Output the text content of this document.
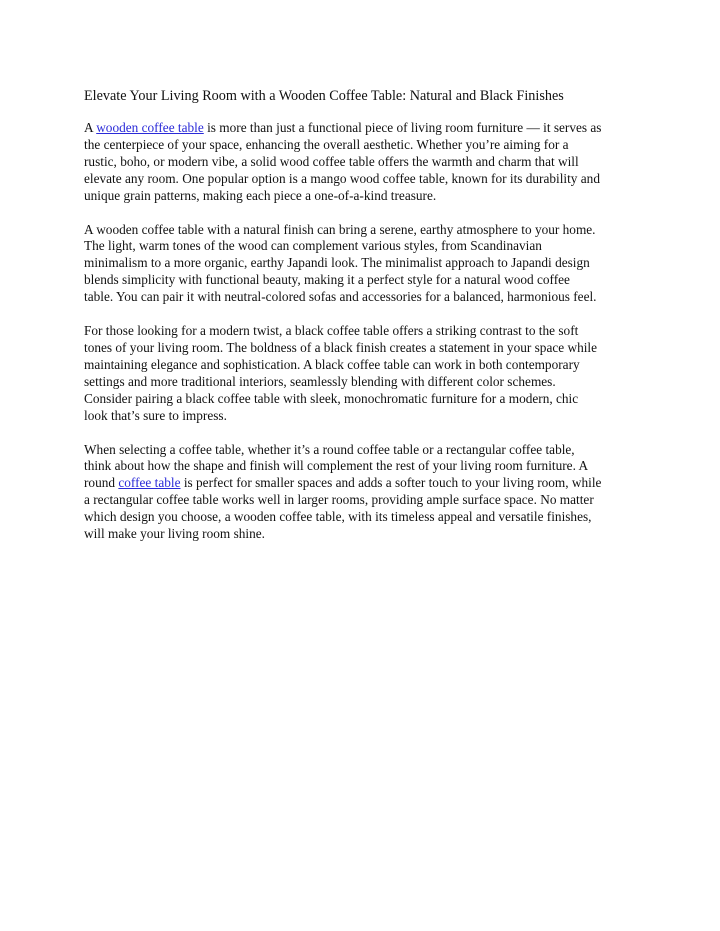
Elevate Your Living Room with a Wooden Coffee Table: Natural and Black Finishes

A wooden coffee table is more than just a functional piece of living room furniture — it serves as
the centerpiece of your space, enhancing the overall aesthetic. Whether you’re aiming for a
rustic, boho, or modern vibe, a solid wood coffee table offers the warmth and charm that will
elevate any room. One popular option is a mango wood coffee table, known for its durability and
unique grain patterns, making each piece a one-of-a-kind treasure.

A wooden coffee table with a natural finish can bring a serene, earthy atmosphere to your home.
The light, warm tones of the wood can complement various styles, from Scandinavian
minimalism to a more organic, earthy Japandi look. The minimalist approach to Japandi design
blends simplicity with functional beauty, making it a perfect style for a natural wood coffee
table. You can pair it with neutral-colored sofas and accessories for a balanced, harmonious feel.

For those looking for a modern twist, a black coffee table offers a striking contrast to the soft
tones of your living room. The boldness of a black finish creates a statement in your space while
maintaining elegance and sophistication. A black coffee table can work in both contemporary
settings and more traditional interiors, seamlessly blending with different color schemes.
Consider pairing a black coffee table with sleek, monochromatic furniture for a modern, chic
look that’s sure to impress.

When selecting a coffee table, whether it’s a round coffee table or a rectangular coffee table,
think about how the shape and finish will complement the rest of your living room furniture. A
round coffee table is perfect for smaller spaces and adds a softer touch to your living room, while
a rectangular coffee table works well in larger rooms, providing ample surface space. No matter
which design you choose, a wooden coffee table, with its timeless appeal and versatile finishes,
will make your living room shine.
